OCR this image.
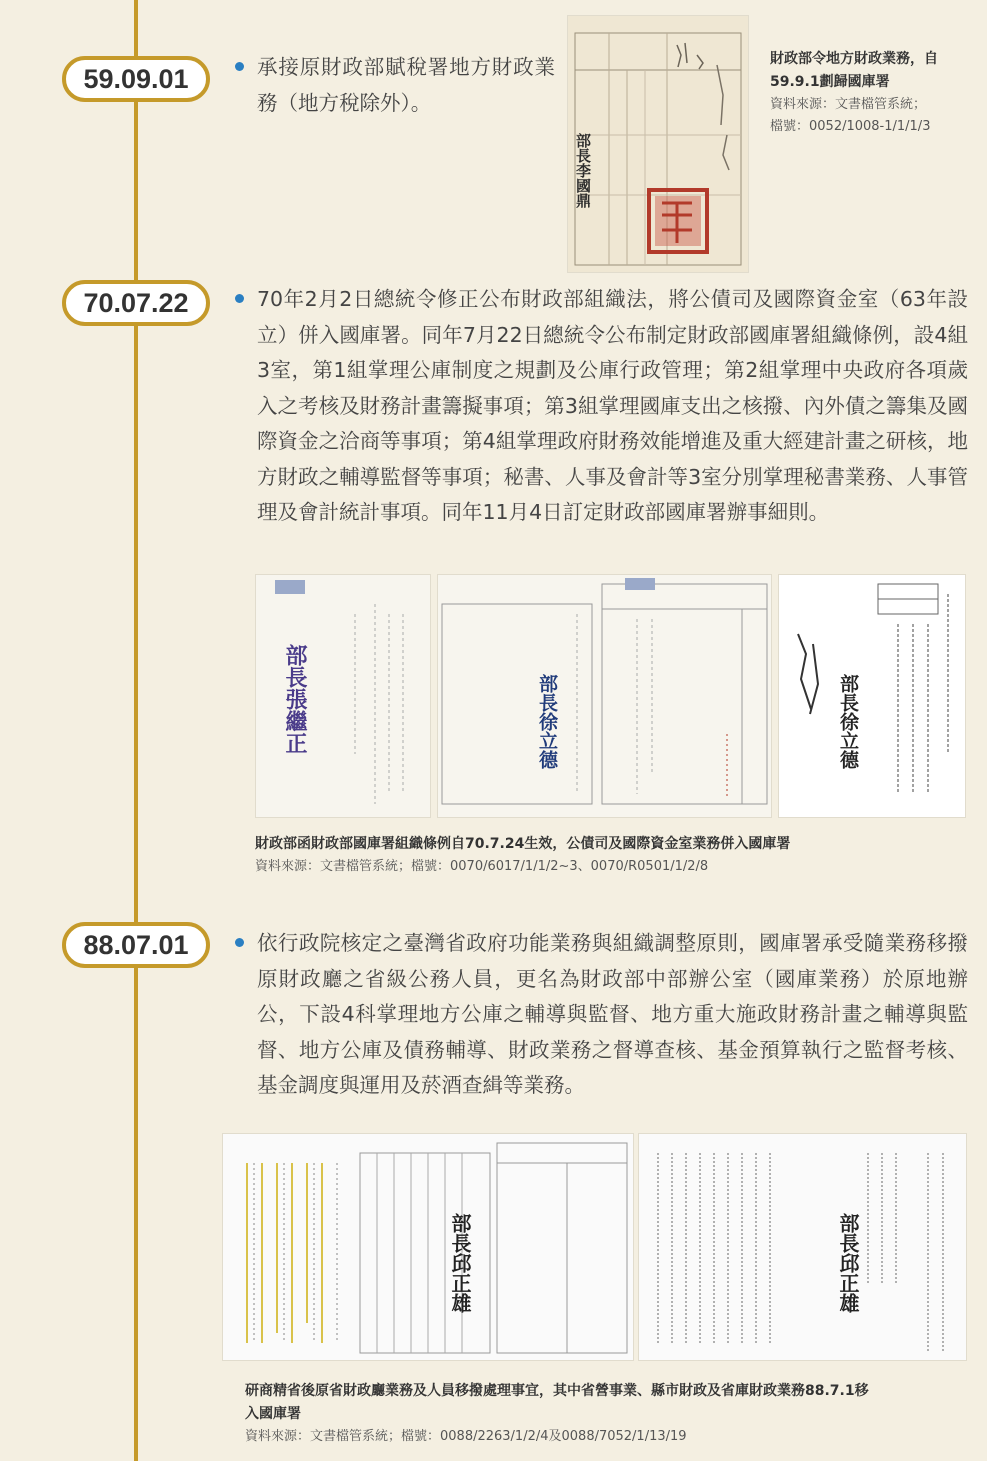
59.09.01	承接原財政部賦稅署地方財政業務（地方稅除外）。
部長李國鼎
財政部令地方財政業務，自
59.9.1劃歸國庫署
資料來源：文書檔管系統；
檔號：0052/1008-1/1/1/3
70.07.22	70年2月2日總統令修正公布財政部組織法，將公債司及國際資金室（63年設立）併入國庫署。同年7月22日總統令公布制定財政部國庫署組織條例，設4組3室，第1組掌理公庫制度之規劃及公庫行政管理；第2組掌理中央政府各項歲入之考核及財務計畫籌擬事項；第3組掌理國庫支出之核撥、內外債之籌集及國際資金之洽商等事項；第4組掌理政府財務效能增進及重大經建計畫之研核，地方財政之輔導監督等事項；秘書、人事及會計等3室分別掌理秘書業務、人事管理及會計統計事項。同年11月4日訂定財政部國庫署辦事細則。
部長張繼正	部長徐立德	部長徐立德
財政部函財政部國庫署組織條例自70.7.24生效，公債司及國際資金室業務併入國庫署
資料來源：文書檔管系統；檔號：0070/6017/1/1/2~3、0070/R0501/1/2/8
88.07.01	依行政院核定之臺灣省政府功能業務與組織調整原則，國庫署承受隨業務移撥原財政廳之省級公務人員，更名為財政部中部辦公室（國庫業務）於原地辦公，下設4科掌理地方公庫之輔導與監督、地方重大施政財務計畫之輔導與監督、地方公庫及債務輔導、財政業務之督導查核、基金預算執行之監督考核、基金調度與運用及菸酒查緝等業務。
部長邱正雄	部長邱正雄
研商精省後原省財政廳業務及人員移撥處理事宜，其中省營事業、縣市財政及省庫財政業務88.7.1移
入國庫署
資料來源：文書檔管系統；檔號：0088/2263/1/2/4及0088/7052/1/13/19
